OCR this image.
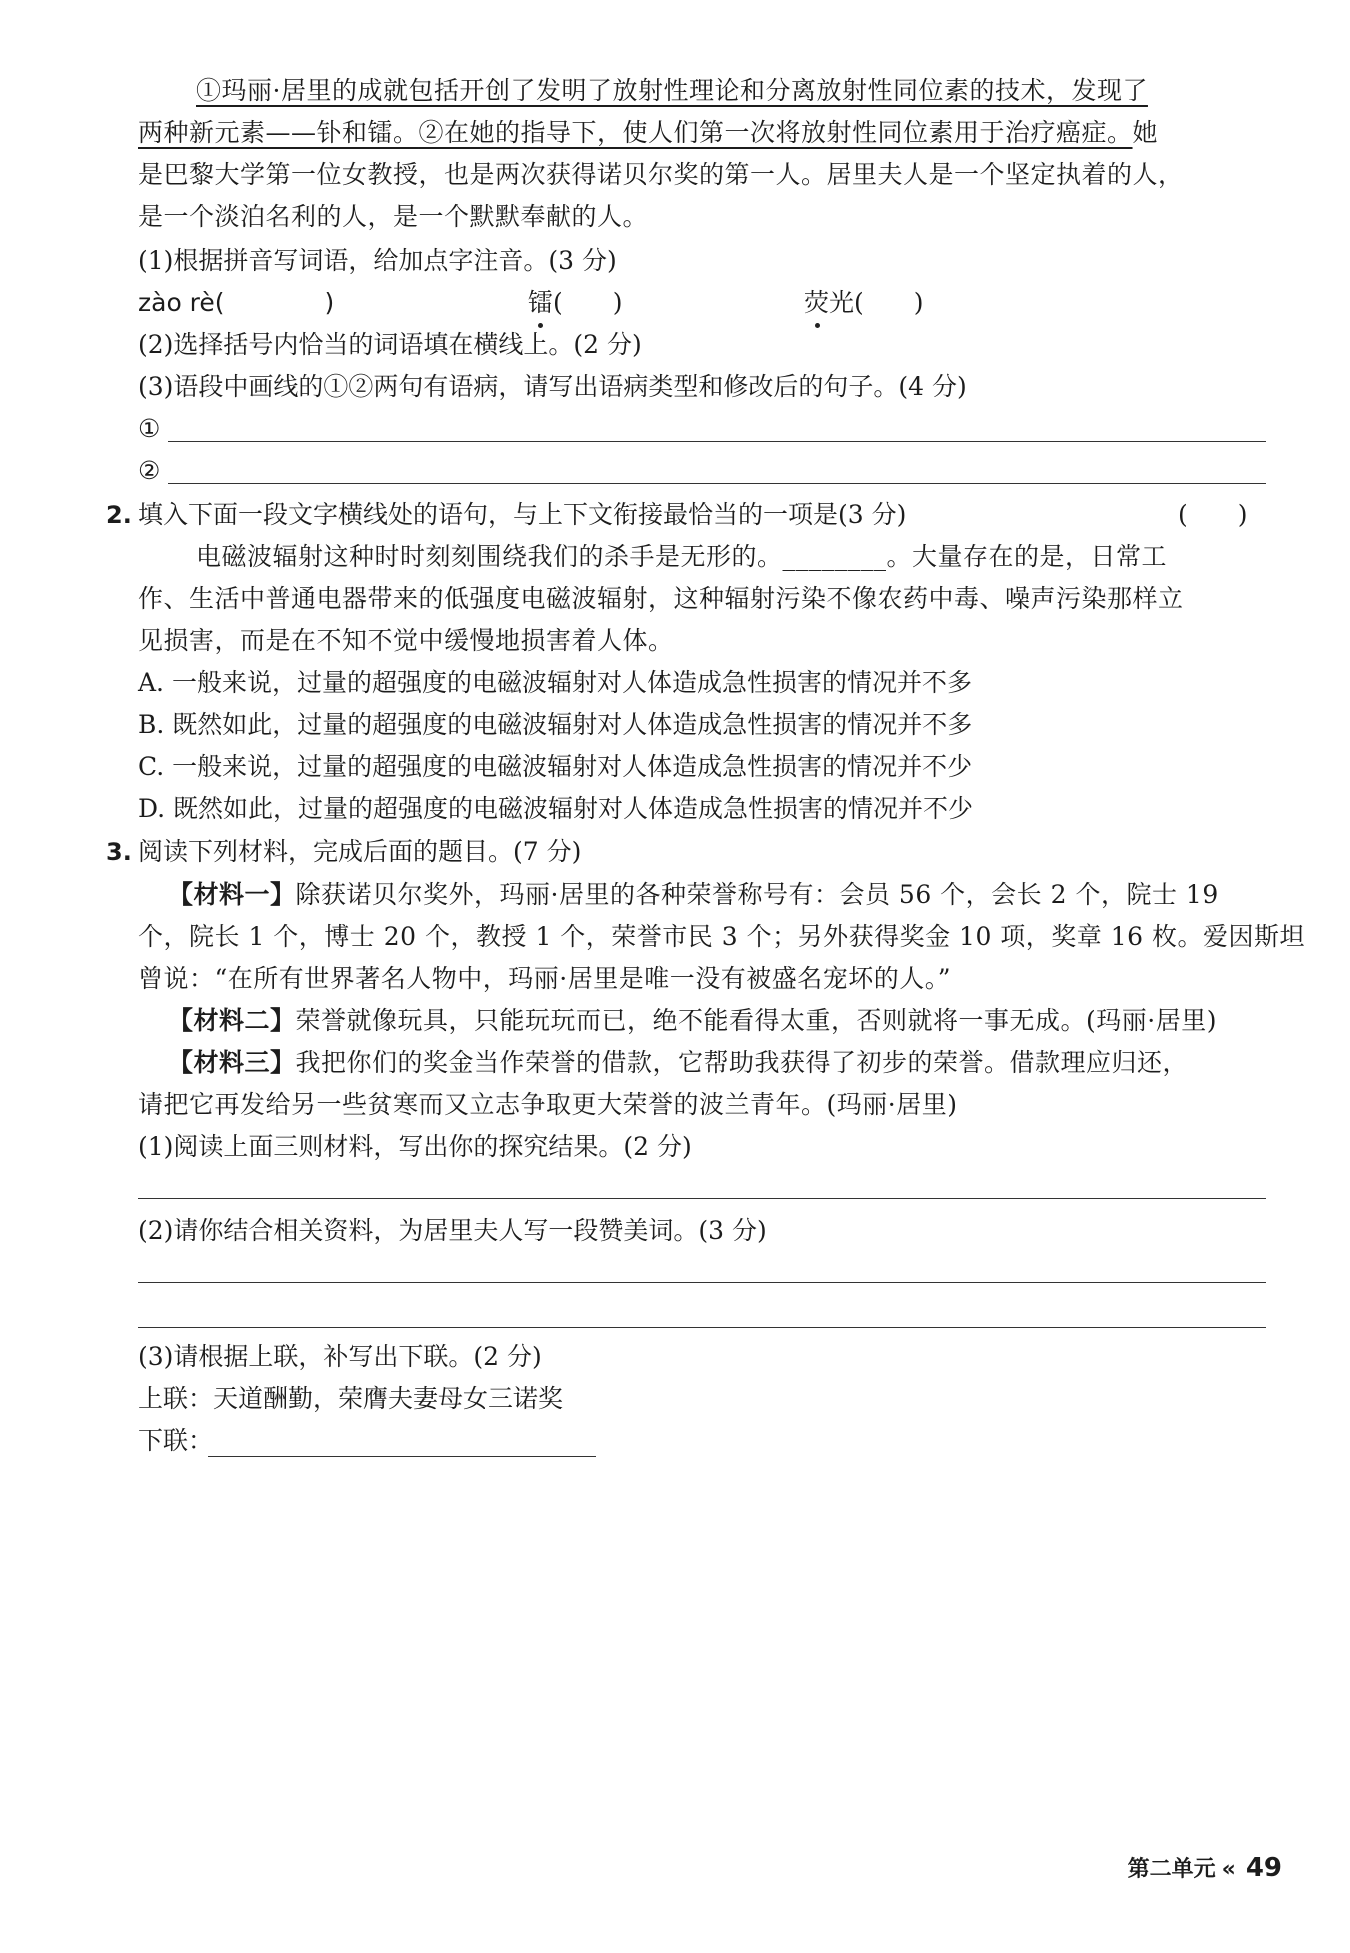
①玛丽·居里的成就包括开创了发明了放射性理论和分离放射性同位素的技术，发现了
两种新元素——钋和镭。②在她的指导下，使人们第一次将放射性同位素用于治疗癌症。她
是巴黎大学第一位女教授，也是两次获得诺贝尔奖的第一人。居里夫人是一个坚定执着的人，
是一个淡泊名利的人，是一个默默奉献的人。
(1)根据拼音写词语，给加点字注音。(3 分)
zào rè(　　　　)	镭(　　)	荧光(　　)
(2)选择括号内恰当的词语填在横线上。(2 分)
(3)语段中画线的①②两句有语病，请写出语病类型和修改后的句子。(4 分)
①
②
2. 填入下面一段文字横线处的语句，与上下文衔接最恰当的一项是(3 分)	(　　)
电磁波辐射这种时时刻刻围绕我们的杀手是无形的。________。大量存在的是，日常工
作、生活中普通电器带来的低强度电磁波辐射，这种辐射污染不像农药中毒、噪声污染那样立
见损害，而是在不知不觉中缓慢地损害着人体。
A. 一般来说，过量的超强度的电磁波辐射对人体造成急性损害的情况并不多
B. 既然如此，过量的超强度的电磁波辐射对人体造成急性损害的情况并不多
C. 一般来说，过量的超强度的电磁波辐射对人体造成急性损害的情况并不少
D. 既然如此，过量的超强度的电磁波辐射对人体造成急性损害的情况并不少
3. 阅读下列材料，完成后面的题目。(7 分)
【材料一】除获诺贝尔奖外，玛丽·居里的各种荣誉称号有：会员 56 个，会长 2 个，院士 19
个，院长 1 个，博士 20 个，教授 1 个，荣誉市民 3 个；另外获得奖金 10 项，奖章 16 枚。爱因斯坦
曾说：“在所有世界著名人物中，玛丽·居里是唯一没有被盛名宠坏的人。”
【材料二】荣誉就像玩具，只能玩玩而已，绝不能看得太重，否则就将一事无成。(玛丽·居里)
【材料三】我把你们的奖金当作荣誉的借款，它帮助我获得了初步的荣誉。借款理应归还，
请把它再发给另一些贫寒而又立志争取更大荣誉的波兰青年。(玛丽·居里)
(1)阅读上面三则材料，写出你的探究结果。(2 分)
(2)请你结合相关资料，为居里夫人写一段赞美词。(3 分)
(3)请根据上联，补写出下联。(2 分)
上联：天道酬勤，荣膺夫妻母女三诺奖
下联：
第二单元 « 49
